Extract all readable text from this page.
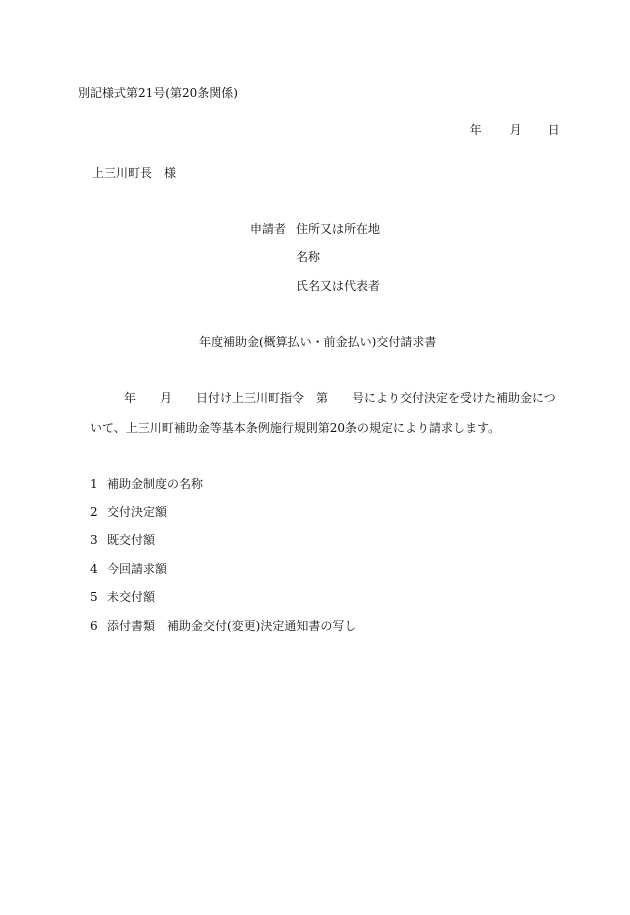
別記様式第21号(第20条関係)

年 月 日

上三川町長　様
申請者 住所又は所在地
名称
氏名又は代表者
年度補助金(概算払い・前金払い)交付請求書
年　　月　　日付け上三川町指令　第　　号により交付決定を受けた補助金につ
いて、上三川町補助金等基本条例施行規則第20条の規定により請求します。
1 補助金制度の名称
2 交付決定額
3 既交付額
4 今回請求額
5 未交付額
6 添付書類　補助金交付(変更)決定通知書の写し
